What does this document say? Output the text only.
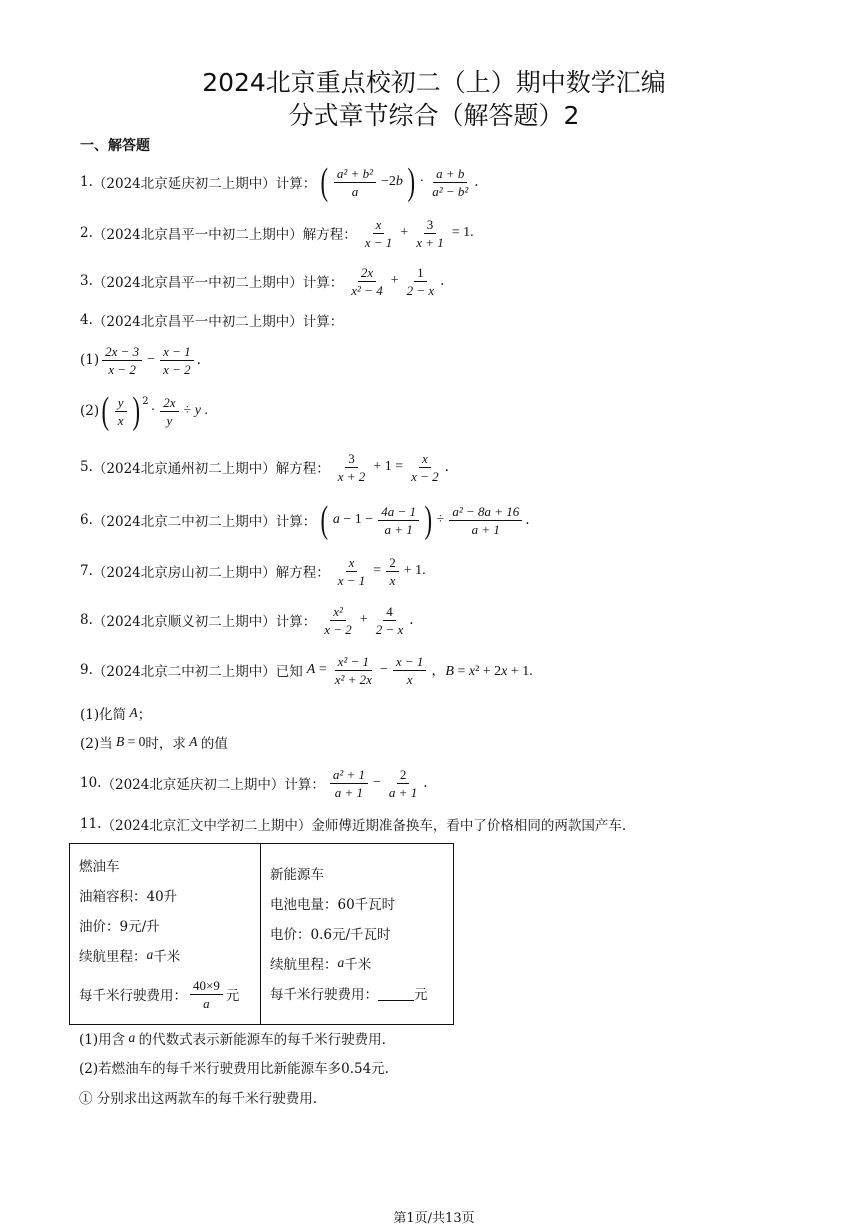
2024北京重点校初二（上）期中数学汇编
分式章节综合（解答题）2
一、解答题
1. （2024北京延庆初二上期中）计算： ( $\frac{\text{a² + b²}}{a} -2b$ ) · $\frac{a + b}{\text{a² − b²}}$ .
2. （2024北京昌平一中初二上期中）解方程： $\frac{x}{x - 1} + \frac{3}{x + 1} = 1$.
3. （2024北京昌平一中初二上期中）计算： $\frac{2x}{\text{x² − 4}} + \frac{1}{2 - x}$ .
4. （2024北京昌平一中初二上期中）计算：
$(1) \frac{2x - 3}{x - 2} - \frac{x - 1}{x - 2}$ .
(2) ( $\frac{y}{x}$ ) $^2$
· $\frac{2x}{y} \div y$ .
5. （2024北京通州初二上期中）解方程： $\frac{3}{x + 2} + 1 = \frac{x}{x - 2}$ .
6. （2024北京二中初二上期中）计算： ( $a - 1 - \frac{4a - 1}{a + 1}$ ) ÷ $\frac{\text{a² − 8a + 16}}{a + 1}$ .
7. （2024北京房山初二上期中）解方程： $\frac{x}{x - 1} = \frac{2}{x} + 1$.
8. （2024北京顺义初二上期中）计算： $\frac{\text{x²}}{x - 2} + \frac{4}{2 - x}$ .
9. （2024北京二中初二上期中）已知 $A = \frac{\text{x² − 1}}{\text{x² + 2x}} - \frac{x - 1}{x}$ ，B = x² + 2x + 1.
(1)化简 A ；
(2)当 B = 0 时，求 A 的值
10. （2024北京延庆初二上期中）计算： $\frac{\text{a² + 1}}{a + 1} - \frac{2}{a + 1}$ .
11. （2024北京汇文中学初二上期中）金师傅近期准备换车，看中了价格相同的两款国产车.
燃油车
油箱容积：40升
油价：9元/升
续航里程： a 千米
每千米行驶费用： $\frac{40\times 9}{a}$ 元

新能源车
电池电量：60千瓦时
电价：0.6元/千瓦时
续航里程： a 千米
每千米行驶费用：	元
(1)用含 a 的代数式表示新能源车的每千米行驶费用.
(2)若燃油车的每千米行驶费用比新能源车多0.54元.
① 分别求出这两款车的每千米行驶费用.
第1页/共13页
